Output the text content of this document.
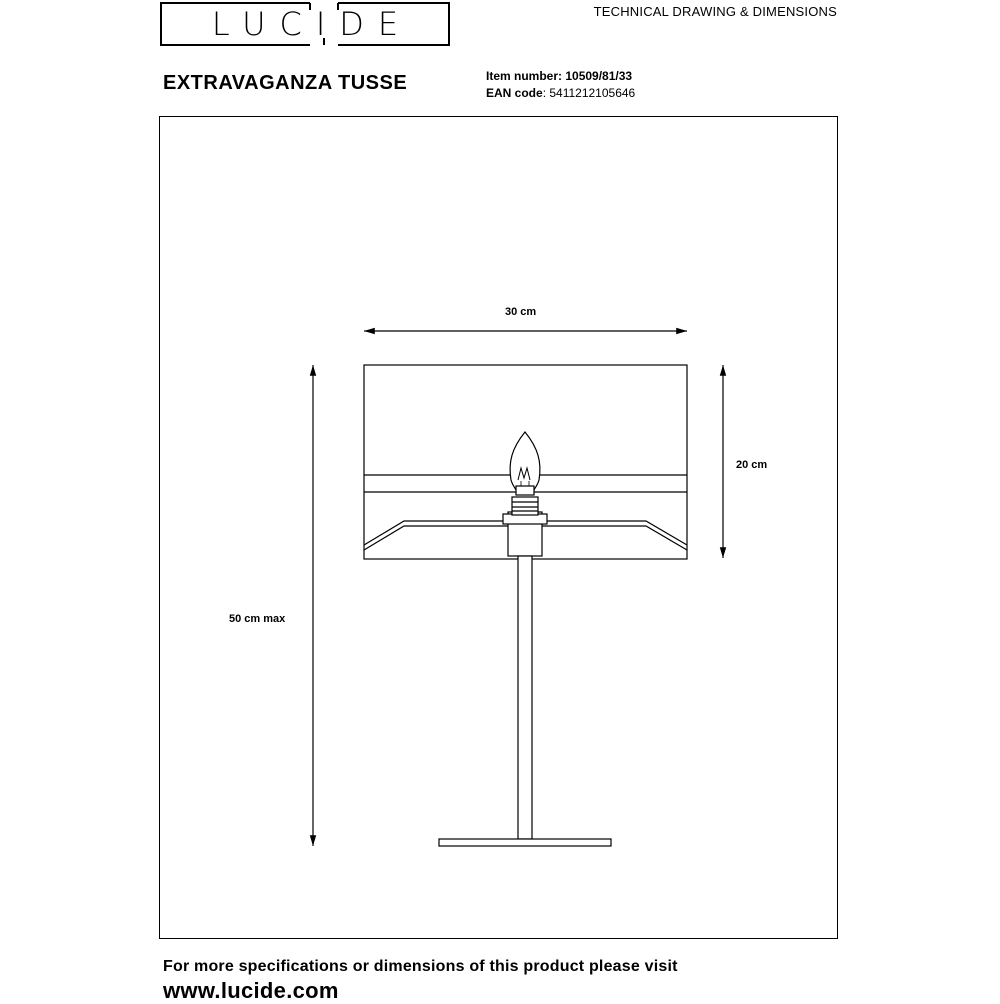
LUCIDE	TECHNICAL DRAWING & DIMENSIONS
EXTRAVAGANZA TUSSE	Item number: 10509/81/33
EAN code: 5411212105646
30 cm
20 cm
50 cm max
For more specifications or dimensions of this product please visit
www.lucide.com
